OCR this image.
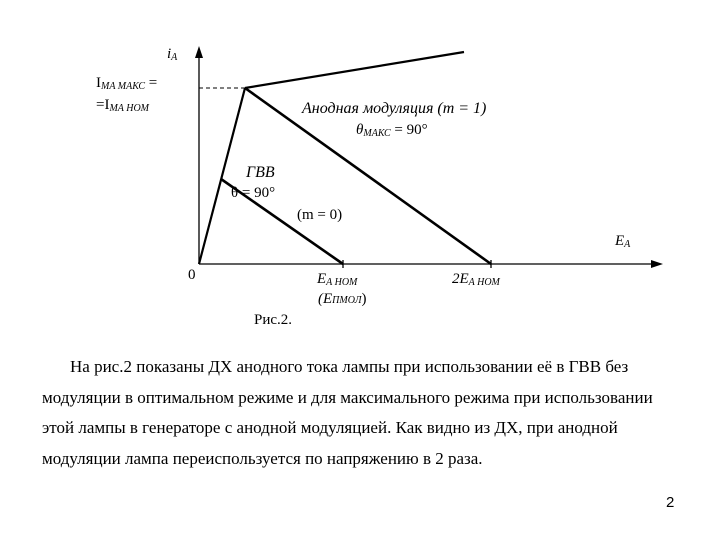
$i_A$
$I_{MA МАКС}$ =
$=I_{MA НОМ}$	Анодная модуляция (m = 1)
$\theta_{МАКС} = 90^\circ$
ГВВ
θ = 90°
(m = 0)
$E_A$
0	$E_{A НОМ}$	$2E_{A НОМ}$
(EПМОЛ)
Рис.2.
На рис.2 показаны ДХ анодного тока лампы при использовании её в ГВВ без
модуляции в оптимальном режиме и для максимального режима при использовании
этой лампы в генераторе с анодной модуляцией. Как видно из ДХ, при анодной
модуляции лампа переиспользуется по напряжению в 2 раза.
2
